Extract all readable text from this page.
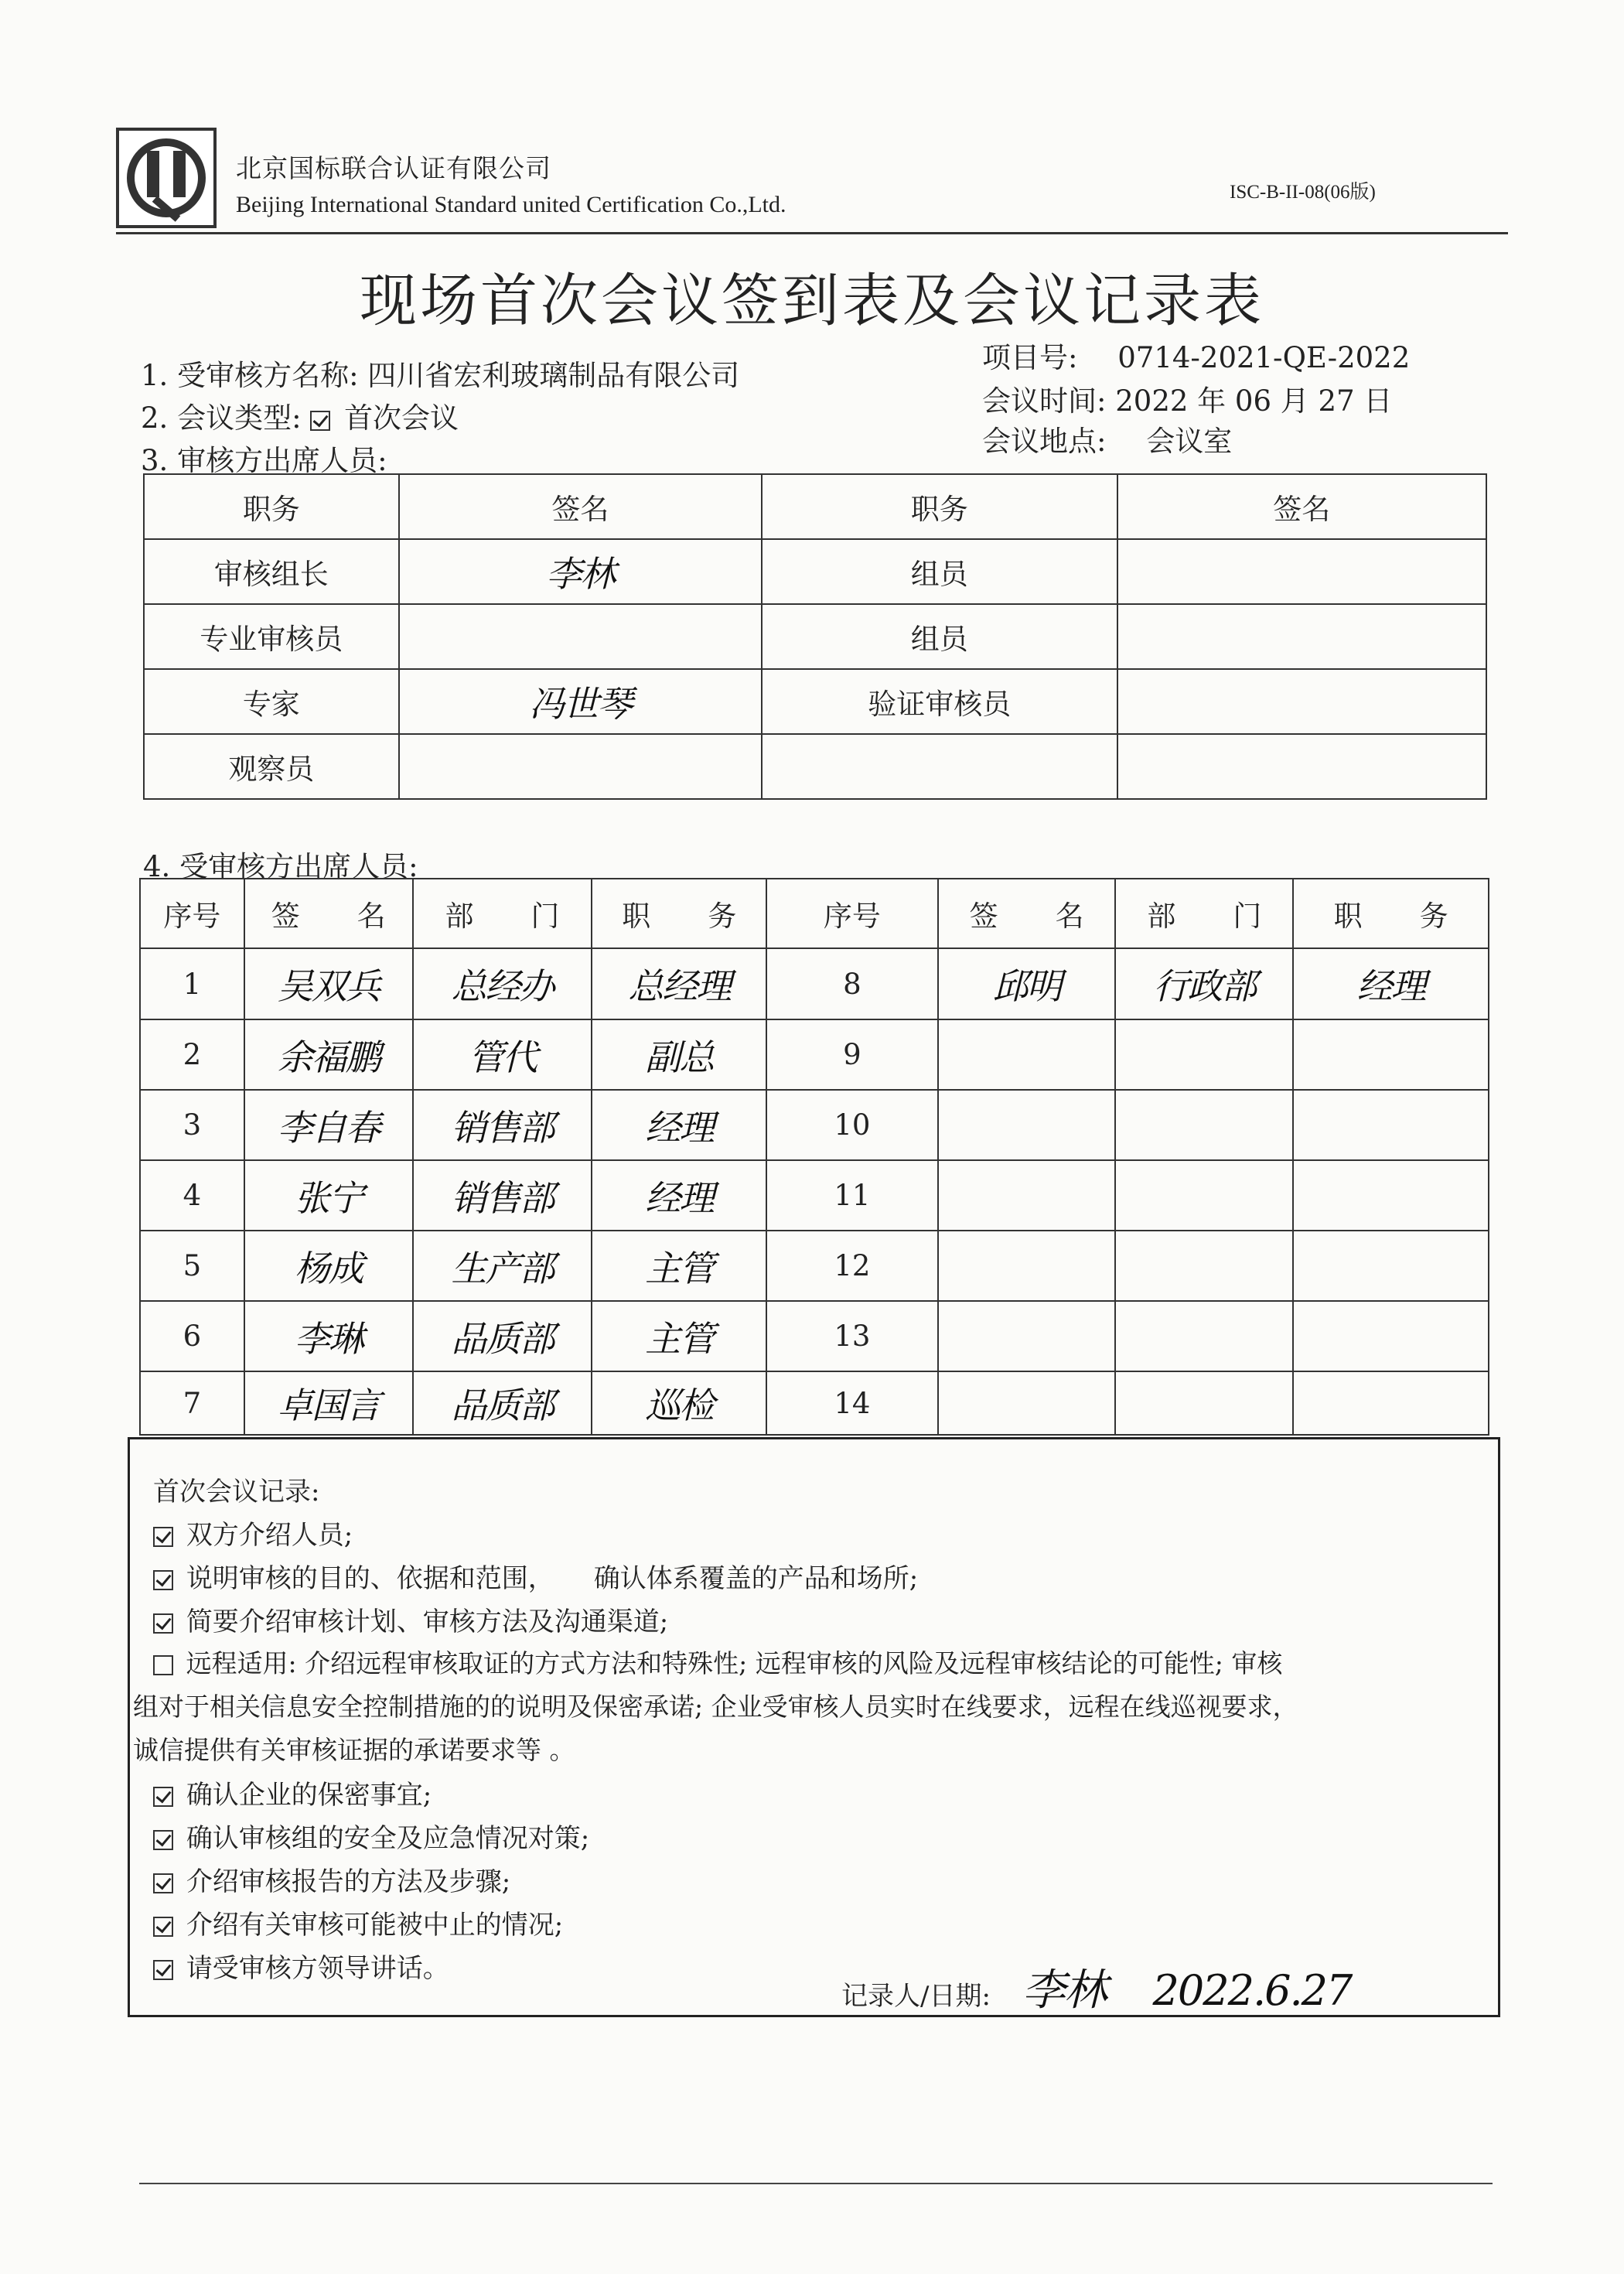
北京国标联合认证有限公司
Beijing International Standard united Certification Co.,Ltd.	ISC-B-II-08(06版)
现场首次会议签到表及会议记录表
1. 受审核方名称: 四川省宏利玻璃制品有限公司
2. 会议类型: 首次会议
3. 审核方出席人员:
项目号: 0714-2021-QE-2022
会议时间: 2022 年 06 月 27 日
会议地点: 会议室
职务	签名	职务	签名
审核组长	李林	组员	
专业审核员		组员	
专家	冯世琴	验证审核员	
观察员			
4. 受审核方出席人员:
序号	签　　名	部　　门	职　　务	序号	签　　名	部　　门	职　　务
1	吴双兵	总经办	总经理	8	邱明	行政部	经理
2	余福鹏	管代	副总	9			
3	李自春	销售部	经理	10			
4	张宁	销售部	经理	11			
5	杨成	生产部	主管	12			
6	李琳	品质部	主管	13			
7	卓国言	品质部	巡检	14			
首次会议记录:
双方介绍人员;
说明审核的目的、依据和范围，　　确认体系覆盖的产品和场所;
简要介绍审核计划、审核方法及沟通渠道;
远程适用: 介绍远程审核取证的方式方法和特殊性; 远程审核的风险及远程审核结论的可能性; 审核
组对于相关信息安全控制措施的的说明及保密承诺; 企业受审核人员实时在线要求，远程在线巡视要求，
诚信提供有关审核证据的承诺要求等 。
确认企业的保密事宜;
确认审核组的安全及应急情况对策;
介绍审核报告的方法及步骤;
介绍有关审核可能被中止的情况;
请受审核方领导讲话。
记录人/日期: 李林 2022.6.27
